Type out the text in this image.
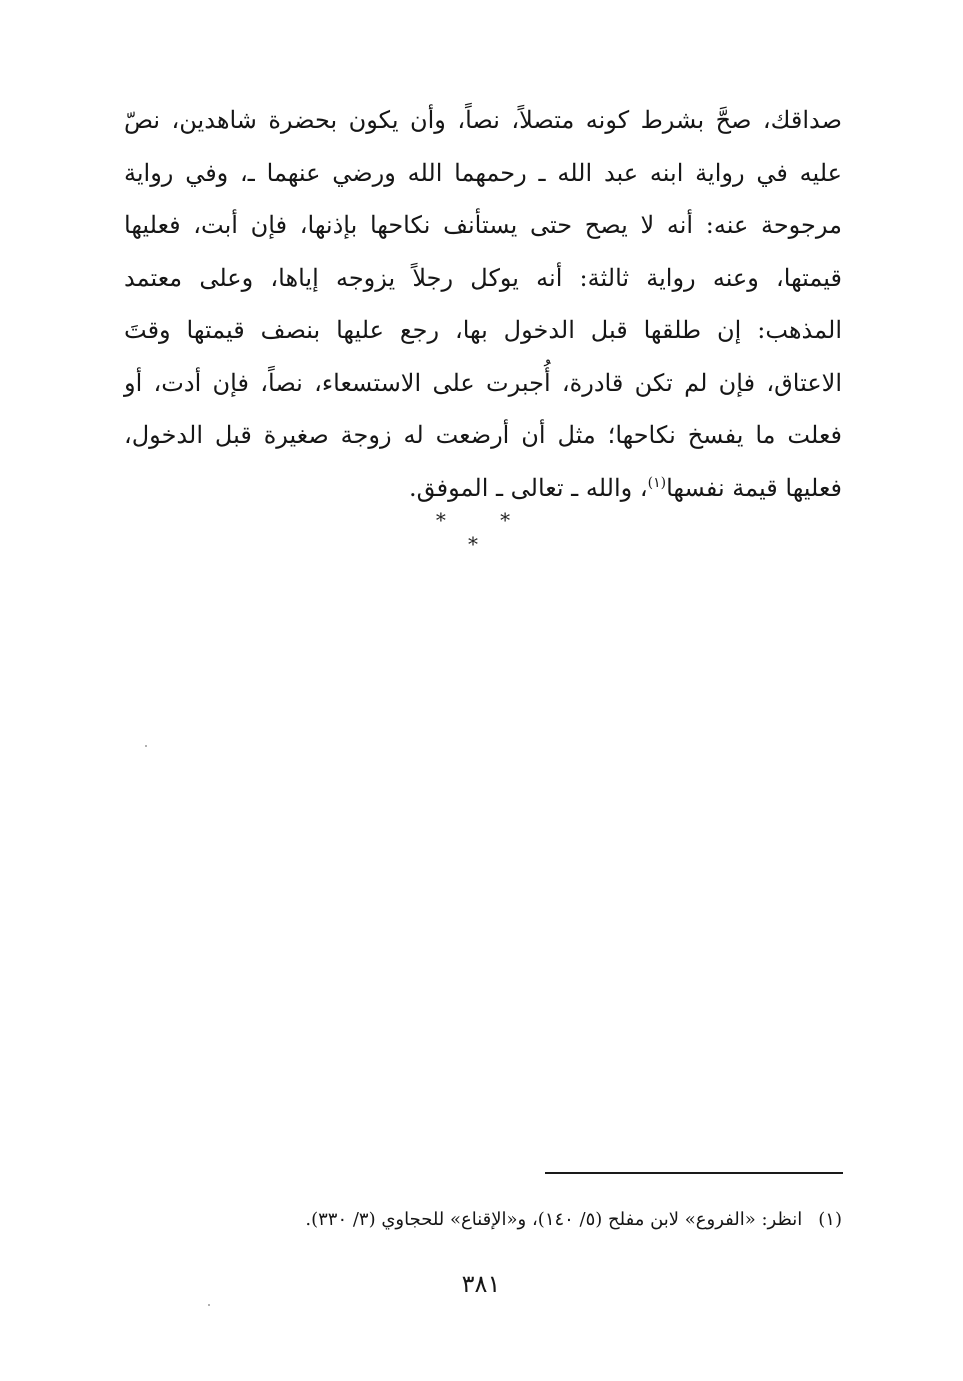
صداقك، صحَّ بشرط كونه متصلاً، نصاً، وأن يكون بحضرة شاهدين، نصّ
عليه في رواية ابنه عبد الله ـ رحمهما الله ورضي عنهما ـ، وفي رواية
مرجوحة عنه: أنه لا يصح حتى يستأنف نكاحها بإذنها، فإن أبت، فعليها
قيمتها، وعنه رواية ثالثة: أنه يوكل رجلاً يزوجه إياها، وعلى معتمد
المذهب: إن طلقها قبل الدخول بها، رجع عليها بنصف قيمتها وقتَ
الاعتاق، فإن لم تكن قادرة، أُجبرت على الاستسعاء، نصاً، فإن أدت، أو
فعلت ما يفسخ نكاحها؛ مثل أن أرضعت له زوجة صغيرة قبل الدخول،
فعليها قيمة نفسها$^{(١)}$، والله ـ تعالى ـ الموفق.
* * *
(١)انظر: «الفروع» لابن مفلح (٥/ ١٤٠)، و«الإقناع» للحجاوي (٣/ ٣٣٠).
٣٨١
